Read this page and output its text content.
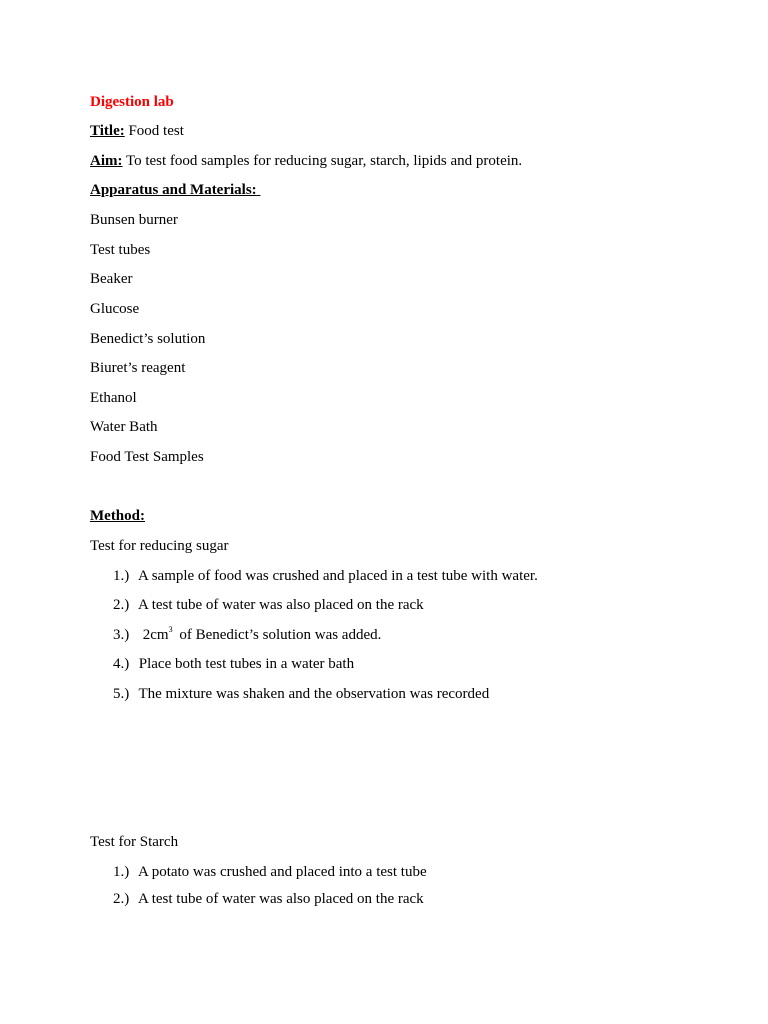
Digestion lab
Title: Food test
Aim: To test food samples for reducing sugar, starch, lipids and protein.
Apparatus and Materials:
Bunsen burner
Test tubes
Beaker
Glucose
Benedict’s solution
Biuret’s reagent
Ethanol
Water Bath
Food Test Samples
Method:
Test for reducing sugar
1.) A sample of food was crushed and placed in a test tube with water.
2.) A test tube of water was also placed on the rack
3.) $2cm^3$ of Benedict’s solution was added.
4.) Place both test tubes in a water bath
5.) The mixture was shaken and the observation was recorded
Test for Starch
1.) A potato was crushed and placed into a test tube
2.) A test tube of water was also placed on the rack
